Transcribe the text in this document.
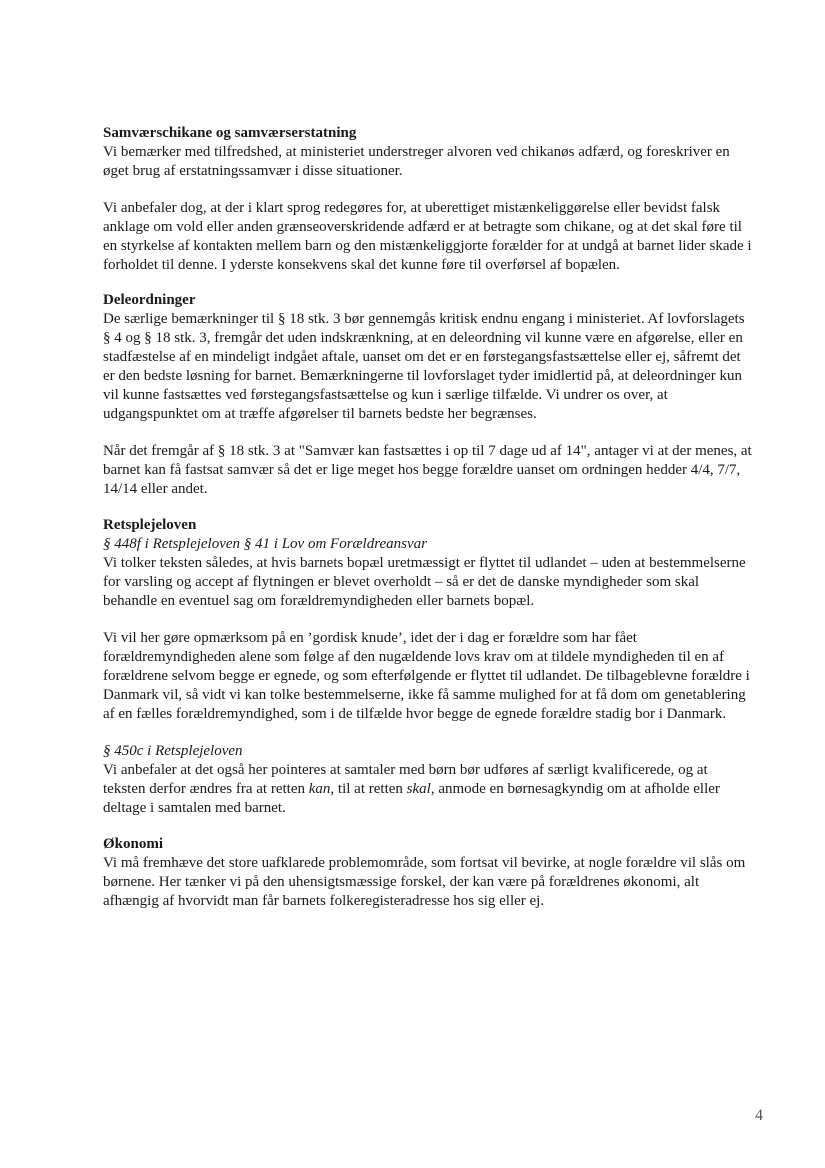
Samværschikane og samværserstatning

Vi bemærker med tilfredshed, at ministeriet understreger alvoren ved chikanøs adfærd, og foreskriver en øget brug af erstatningssamvær i disse situationer.

Vi anbefaler dog, at der i klart sprog redegøres for, at uberettiget mistænkeliggørelse eller bevidst falsk anklage om vold eller anden grænseoverskridende adfærd er at betragte som chikane, og at det skal føre til en styrkelse af kontakten mellem barn og den mistænkeliggjorte forælder for at undgå at barnet lider skade i forholdet til denne. I yderste konsekvens skal det kunne føre til overførsel af bopælen.

Deleordninger

De særlige bemærkninger til § 18 stk. 3 bør gennemgås kritisk endnu engang i ministeriet. Af lovforslagets § 4 og § 18 stk. 3, fremgår det uden indskrænkning, at en deleordning vil kunne være en afgørelse, eller en stadfæstelse af en mindeligt indgået aftale, uanset om det er en førstegangsfastsættelse eller ej, såfremt det er den bedste løsning for barnet. Bemærkningerne til lovforslaget tyder imidlertid på, at deleordninger kun vil kunne fastsættes ved førstegangsfastsættelse og kun i særlige tilfælde. Vi undrer os over, at udgangspunktet om at træffe afgørelser til barnets bedste her begrænses.

Når det fremgår af § 18 stk. 3 at "Samvær kan fastsættes i op til 7 dage ud af 14", antager vi at der menes, at barnet kan få fastsat samvær så det er lige meget hos begge forældre uanset om ordningen hedder 4/4, 7/7, 14/14 eller andet.

Retsplejeloven
§ 448f i Retsplejeloven § 41 i Lov om Forældreansvar

Vi tolker teksten således, at hvis barnets bopæl uretmæssigt er flyttet til udlandet – uden at bestemmelserne for varsling og accept af flytningen er blevet overholdt – så er det de danske myndigheder som skal behandle en eventuel sag om forældremyndigheden eller barnets bopæl.

Vi vil her gøre opmærksom på en ’gordisk knude’, idet der i dag er forældre som har fået forældremyndigheden alene som følge af den nugældende lovs krav om at tildele myndigheden til en af forældrene selvom begge er egnede, og som efterfølgende er flyttet til udlandet. De tilbageblevne forældre i Danmark vil, så vidt vi kan tolke bestemmelserne, ikke få samme mulighed for at få dom om genetablering af en fælles forældremyndighed, som i de tilfælde hvor begge de egnede forældre stadig bor i Danmark.

§ 450c i Retsplejeloven

Vi anbefaler at det også her pointeres at samtaler med børn bør udføres af særligt kvalificerede, og at teksten derfor ændres fra at retten kan, til at retten skal, anmode en børnesagkyndig om at afholde eller deltage i samtalen med barnet.

Økonomi

Vi må fremhæve det store uafklarede problemområde, som fortsat vil bevirke, at nogle forældre vil slås om børnene. Her tænker vi på den uhensigtsmæssige forskel, der kan være på forældrenes økonomi, alt afhængig af hvorvidt man får barnets folkeregisteradresse hos sig eller ej.

4
